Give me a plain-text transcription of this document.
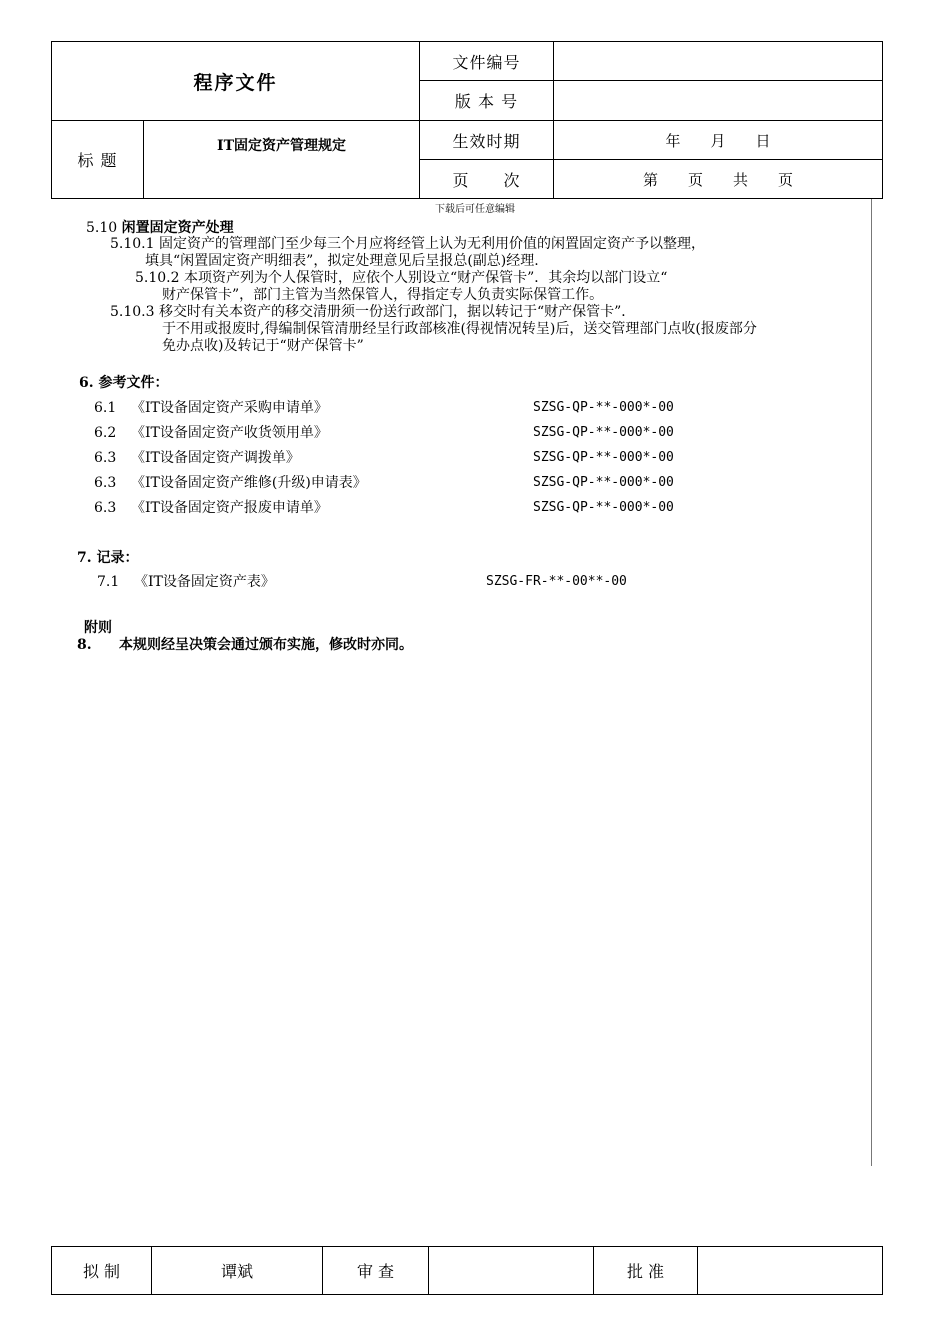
程序文件		文件编号	
		版 本 号	
标 题	IT固定资产管理规定	生效时期	年　　月　　日
		页　　次	第　　页　　共　　页
下载后可任意编辑
5.10 闲置固定资产处理
5.10.1 固定资产的管理部门至少每三个月应将经管上认为无利用价值的闲置固定资产予以整理，
填具“闲置固定资产明细表”，拟定处理意见后呈报总(副总)经理.
5.10.2 本项资产列为个人保管时，应依个人别设立“财产保管卡”．其余均以部门设立“
财产保管卡”，部门主管为当然保管人，得指定专人负责实际保管工作。
5.10.3 移交时有关本资产的移交清册须一份送行政部门，据以转记于“财产保管卡”．
于不用或报废时,得编制保管清册经呈行政部核准(得视情况转呈)后，送交管理部门点收(报废部分
免办点收)及转记于“财产保管卡”
6. 参考文件：
6.1 《IT设备固定资产采购申请单》	SZSG-QP-**-000*-00
6.2 《IT设备固定资产收货领用单》	SZSG-QP-**-000*-00
6.3 《IT设备固定资产调拨单》	SZSG-QP-**-000*-00
6.3 《IT设备固定资产维修(升级)申请表》	SZSG-QP-**-000*-00
6.3 《IT设备固定资产报废申请单》	SZSG-QP-**-000*-00
7. 记录：
7.1 《IT设备固定资产表》	SZSG-FR-**-00**-00
附则
8. 本规则经呈决策会通过颁布实施，修改时亦同。
拟 制	谭斌	审 查		批 准	
